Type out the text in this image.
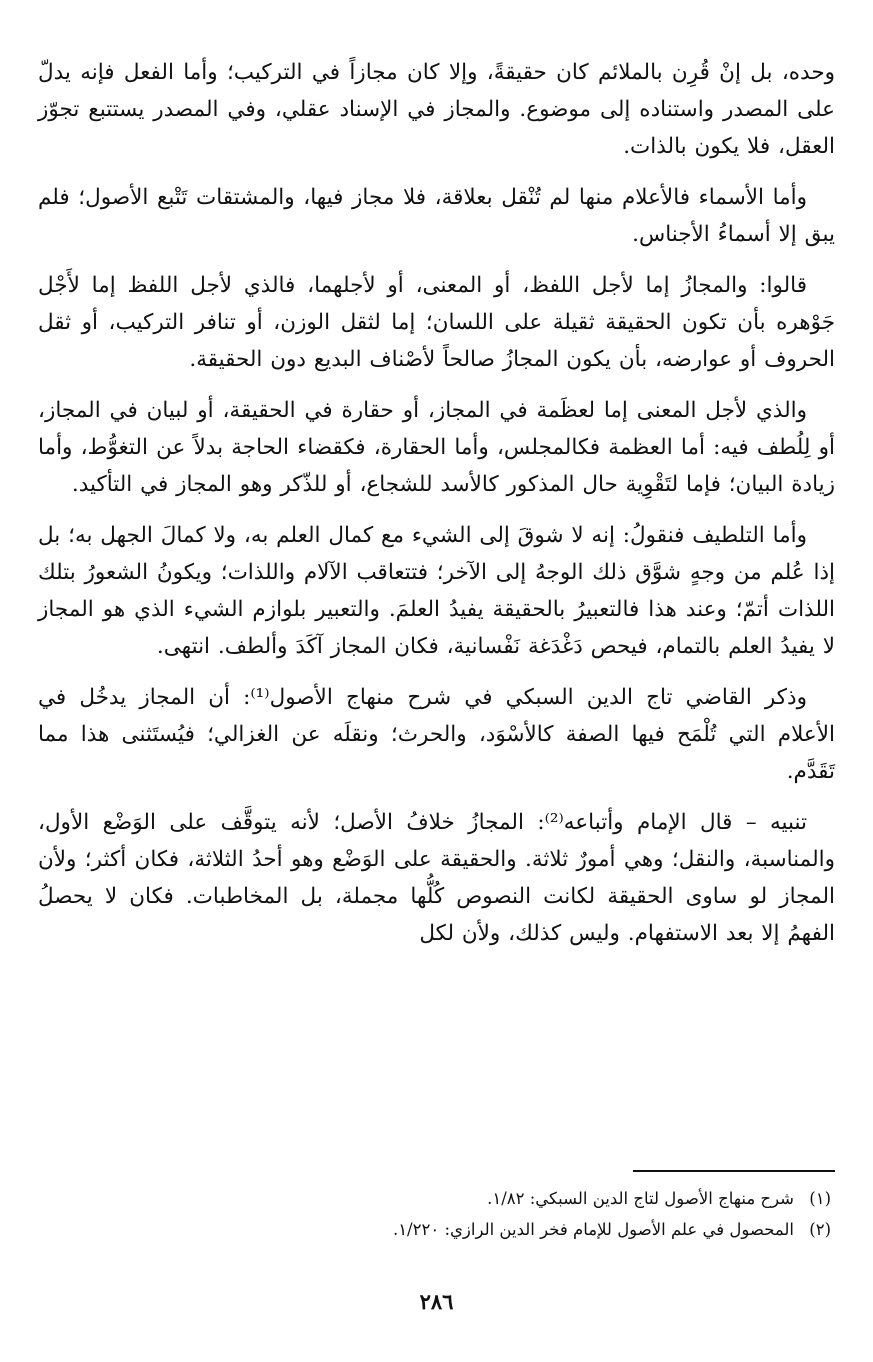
وحده، بل إنْ قُرِن بالملائم كان حقيقةً، وإلا كان مجازاً في التركيب؛ وأما الفعل فإنه يدلّ على المصدر واستناده إلى موضوع. والمجاز في الإسناد عقلي، وفي المصدر يستتبع تجوّز العقل، فلا يكون بالذات.

وأما الأسماء فالأعلام منها لم تُنْقل بعلاقة، فلا مجاز فيها، والمشتقات تَتْبع الأصول؛ فلم يبق إلا أسماءُ الأجناس.

قالوا: والمجازُ إما لأجل اللفظ، أو المعنى، أو لأجلهما، فالذي لأجل اللفظ إما لأَجْل جَوْهره بأن تكون الحقيقة ثقيلة على اللسان؛ إما لثقل الوزن، أو تنافر التركيب، أو ثقل الحروف أو عوارضه، بأن يكون المجازُ صالحاً لأصْناف البديع دون الحقيقة.

والذي لأجل المعنى إما لعظَمة في المجاز، أو حقارة في الحقيقة، أو لبيان في المجاز، أو لِلُطف فيه: أما العظمة فكالمجلس، وأما الحقارة، فكقضاء الحاجة بدلاً عن التغوُّط، وأما زيادة البيان؛ فإما لتَقْوِية حال المذكور كالأسد للشجاع، أو للذّكر وهو المجاز في التأكيد.

وأما التلطيف فنقولُ: إنه لا شوقَ إلى الشيء مع كمال العلم به، ولا كمالَ الجهل به؛ بل إذا عُلم من وجهٍ شوَّق ذلك الوجهُ إلى الآخر؛ فتتعاقب الآلام واللذات؛ ويكونُ الشعورُ بتلك اللذات أتمّ؛ وعند هذا فالتعبيرُ بالحقيقة يفيدُ العلمَ. والتعبير بلوازم الشيء الذي هو المجاز لا يفيدُ العلم بالتمام، فيحص دَغْدَغة نَفْسانية، فكان المجاز آكَدَ وألطف. انتهى.

وذكر القاضي تاج الدين السبكي في شرح منهاج الأصول⁽¹⁾: أن المجاز يدخُل في الأعلام التي تُلْمَح فيها الصفة كالأسْوَد، والحرث؛ ونقلَه عن الغزالي؛ فيُستَثنى هذا مما تَقَدَّم.

تنبيه – قال الإمام وأتباعه⁽²⁾: المجازُ خلافُ الأصل؛ لأنه يتوقَّف على الوَضْع الأول، والمناسبة، والنقل؛ وهي أمورٌ ثلاثة. والحقيقة على الوَضْع وهو أحدُ الثلاثة، فكان أكثر؛ ولأن المجاز لو ساوى الحقيقة لكانت النصوص كُلُّها مجملة، بل المخاطبات. فكان لا يحصلُ الفهمُ إلا بعد الاستفهام. وليس كذلك، ولأن لكل

(١) شرح منهاج الأصول لتاج الدين السبكي: ١/٨٢.
(٢) المحصول في علم الأصول للإمام فخر الدين الرازي: ١/٢٢٠.
٢٨٦
